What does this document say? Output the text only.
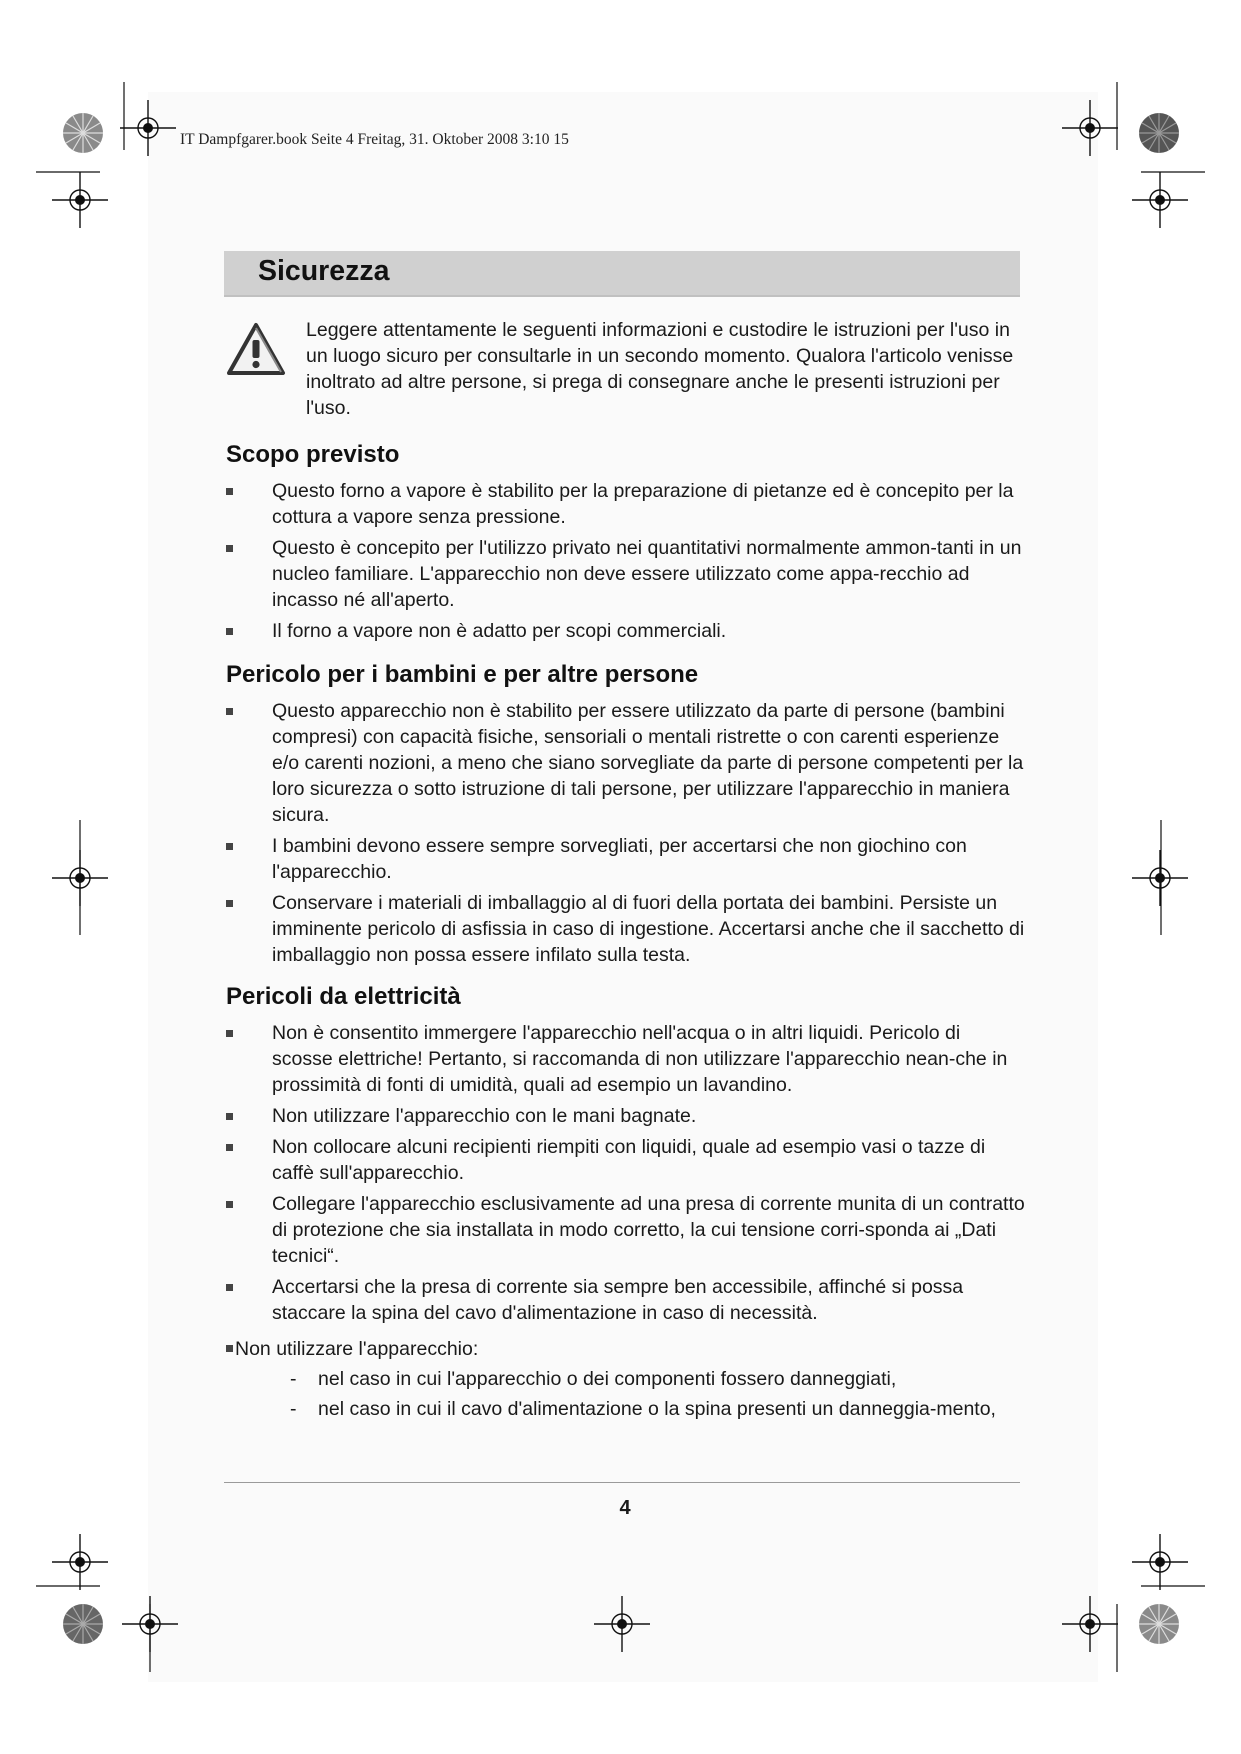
IT Dampfgarer.book Seite 4 Freitag, 31. Oktober 2008 3:10 15
Sicurezza

Leggere attentamente le seguenti informazioni e custodire le istruzioni per l'uso in un luogo sicuro per consultarle in un secondo momento. Qualora l'articolo venisse inoltrato ad altre persone, si prega di consegnare anche le presenti istruzioni per l'uso.

Scopo previsto
Questo forno a vapore è stabilito per la preparazione di pietanze ed è concepito per la cottura a vapore senza pressione.
Questo è concepito per l'utilizzo privato nei quantitativi normalmente ammon-tanti in un nucleo familiare. L'apparecchio non deve essere utilizzato come appa-recchio ad incasso né all'aperto.
Il forno a vapore non è adatto per scopi commerciali.
Pericolo per i bambini e per altre persone
Questo apparecchio non è stabilito per essere utilizzato da parte di persone (bambini compresi) con capacità fisiche, sensoriali o mentali ristrette o con carenti esperienze e/o carenti nozioni, a meno che siano sorvegliate da parte di persone competenti per la loro sicurezza o sotto istruzione di tali persone, per utilizzare l'apparecchio in maniera sicura.
I bambini devono essere sempre sorvegliati, per accertarsi che non giochino con l'apparecchio.
Conservare i materiali di imballaggio al di fuori della portata dei bambini. Persiste un imminente pericolo di asfissia in caso di ingestione. Accertarsi anche che il sacchetto di imballaggio non possa essere infilato sulla testa.
Pericoli da elettricità
Non è consentito immergere l'apparecchio nell'acqua o in altri liquidi. Pericolo di scosse elettriche! Pertanto, si raccomanda di non utilizzare l'apparecchio nean-che in prossimità di fonti di umidità, quali ad esempio un lavandino.
Non utilizzare l'apparecchio con le mani bagnate.
Non collocare alcuni recipienti riempiti con liquidi, quale ad esempio vasi o tazze di caffè sull'apparecchio.
Collegare l'apparecchio esclusivamente ad una presa di corrente munita di un contratto di protezione che sia installata in modo corretto, la cui tensione corri-sponda ai „Dati tecnici“.
Accertarsi che la presa di corrente sia sempre ben accessibile, affinché si possa staccare la spina del cavo d'alimentazione in caso di necessità.
Non utilizzare l'apparecchio:
- nel caso in cui l'apparecchio o dei componenti fossero danneggiati,
- nel caso in cui il cavo d'alimentazione o la spina presenti un danneggia-mento,
4
